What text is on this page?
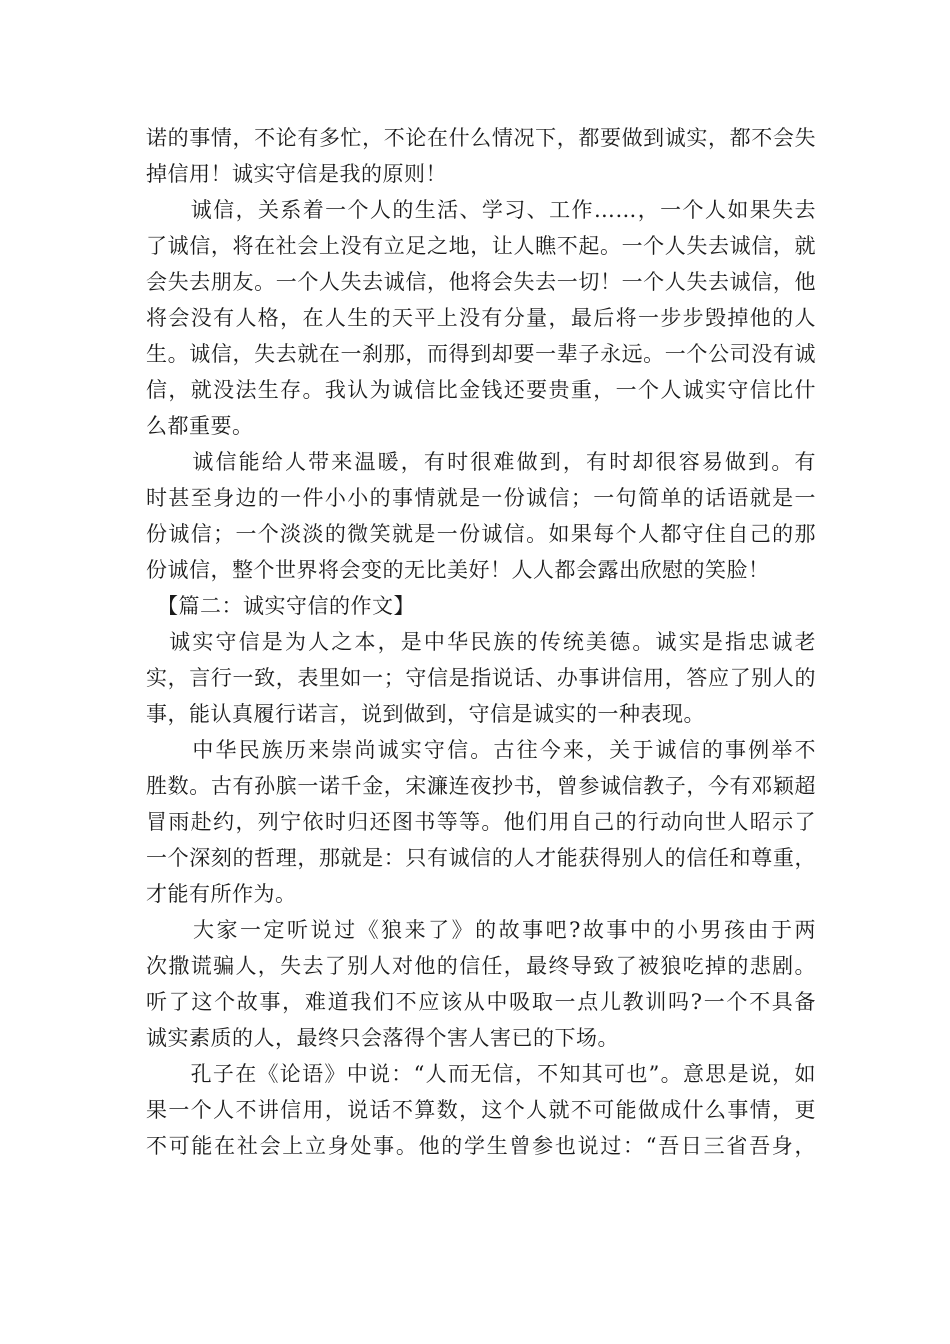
诺的事情，不论有多忙，不论在什么情况下，都要做到诚实，都不会失
掉信用！诚实守信是我的原则！
　　诚信，关系着一个人的生活、学习、工作……，一个人如果失去
了诚信，将在社会上没有立足之地，让人瞧不起。一个人失去诚信，就
会失去朋友。一个人失去诚信，他将会失去一切！一个人失去诚信，他
将会没有人格，在人生的天平上没有分量，最后将一步步毁掉他的人
生。诚信，失去就在一刹那，而得到却要一辈子永远。一个公司没有诚
信，就没法生存。我认为诚信比金钱还要贵重，一个人诚实守信比什
么都重要。
　　诚信能给人带来温暖，有时很难做到，有时却很容易做到。有
时甚至身边的一件小小的事情就是一份诚信；一句简单的话语就是一
份诚信；一个淡淡的微笑就是一份诚信。如果每个人都守住自己的那
份诚信，整个世界将会变的无比美好！人人都会露出欣慰的笑脸！
　【篇二：诚实守信的作文】
　诚实守信是为人之本，是中华民族的传统美德。诚实是指忠诚老
实，言行一致，表里如一；守信是指说话、办事讲信用，答应了别人的
事，能认真履行诺言，说到做到，守信是诚实的一种表现。
　　中华民族历来崇尚诚实守信。古往今来，关于诚信的事例举不
胜数。古有孙膑一诺千金，宋濂连夜抄书，曾参诚信教子，今有邓颖超
冒雨赴约，列宁依时归还图书等等。他们用自己的行动向世人昭示了
一个深刻的哲理，那就是：只有诚信的人才能获得别人的信任和尊重，
才能有所作为。
　　大家一定听说过《狼来了》的故事吧?故事中的小男孩由于两
次撒谎骗人，失去了别人对他的信任，最终导致了被狼吃掉的悲剧。
听了这个故事，难道我们不应该从中吸取一点儿教训吗?一个不具备
诚实素质的人，最终只会落得个害人害已的下场。
　　孔子在《论语》中说：“人而无信，不知其可也”。意思是说，如
果一个人不讲信用，说话不算数，这个人就不可能做成什么事情，更
不可能在社会上立身处事。他的学生曾参也说过：“吾日三省吾身，
